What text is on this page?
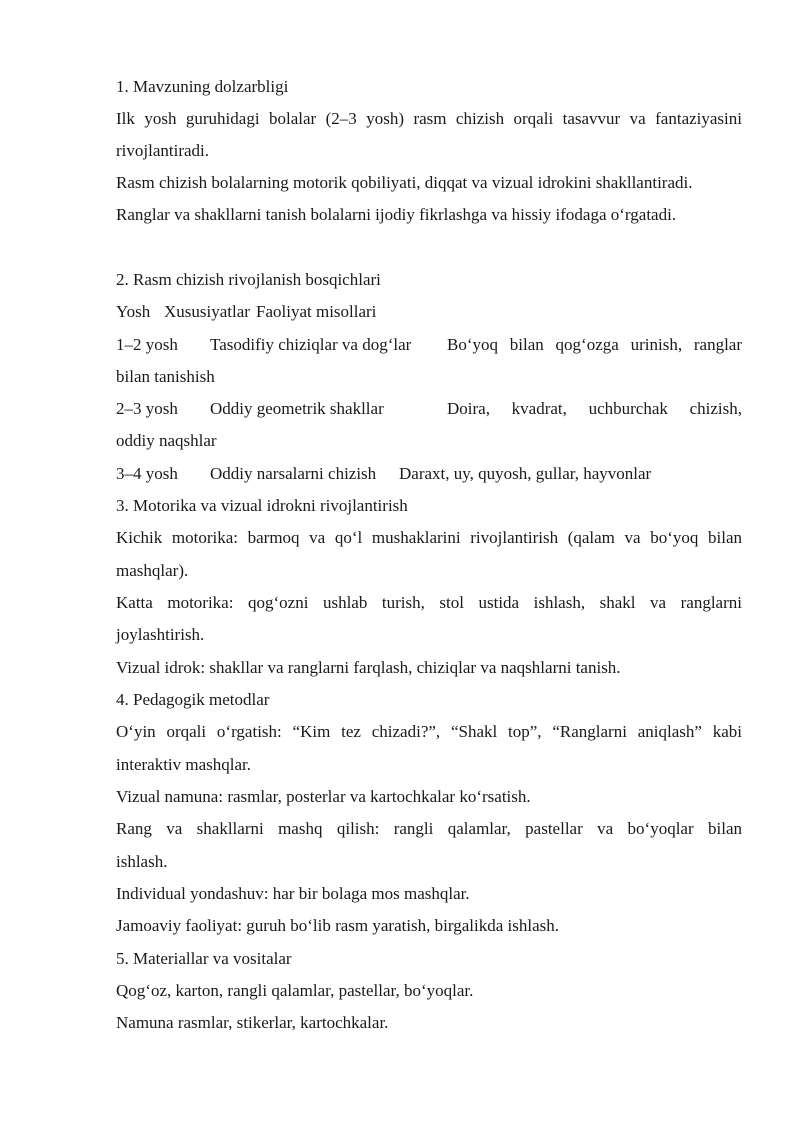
1. Mavzuning dolzarbligi
Ilk yosh guruhidagi bolalar (2–3 yosh) rasm chizish orqali tasavvur va fantaziyasini
rivojlantiradi.
Rasm chizish bolalarning motorik qobiliyati, diqqat va vizual idrokini shakllantiradi.
Ranglar va shakllarni tanish bolalarni ijodiy fikrlashga va hissiy ifodaga oʻrgatadi.
2. Rasm chizish rivojlanish bosqichlari
Yosh Xususiyatlar Faoliyat misollari
1–2 yosh Tasodifiy chiziqlar va dogʻlar Boʻyoq bilan qogʻozga urinish, ranglar
bilan tanishish
2–3 yosh Oddiy geometrik shakllar	Doira, kvadrat, uchburchak chizish,
oddiy naqshlar
3–4 yosh Oddiy narsalarni chizish Daraxt, uy, quyosh, gullar, hayvonlar
3. Motorika va vizual idrokni rivojlantirish
Kichik motorika: barmoq va qoʻl mushaklarini rivojlantirish (qalam va boʻyoq bilan
mashqlar).
Katta motorika: qogʻozni ushlab turish, stol ustida ishlash, shakl va ranglarni
joylashtirish.
Vizual idrok: shakllar va ranglarni farqlash, chiziqlar va naqshlarni tanish.
4. Pedagogik metodlar
Oʻyin orqali oʻrgatish: “Kim tez chizadi?”, “Shakl top”, “Ranglarni aniqlash” kabi
interaktiv mashqlar.
Vizual namuna: rasmlar, posterlar va kartochkalar koʻrsatish.
Rang va shakllarni mashq qilish: rangli qalamlar, pastellar va boʻyoqlar bilan
ishlash.
Individual yondashuv: har bir bolaga mos mashqlar.
Jamoaviy faoliyat: guruh boʻlib rasm yaratish, birgalikda ishlash.
5. Materiallar va vositalar
Qogʻoz, karton, rangli qalamlar, pastellar, boʻyoqlar.
Namuna rasmlar, stikerlar, kartochkalar.
